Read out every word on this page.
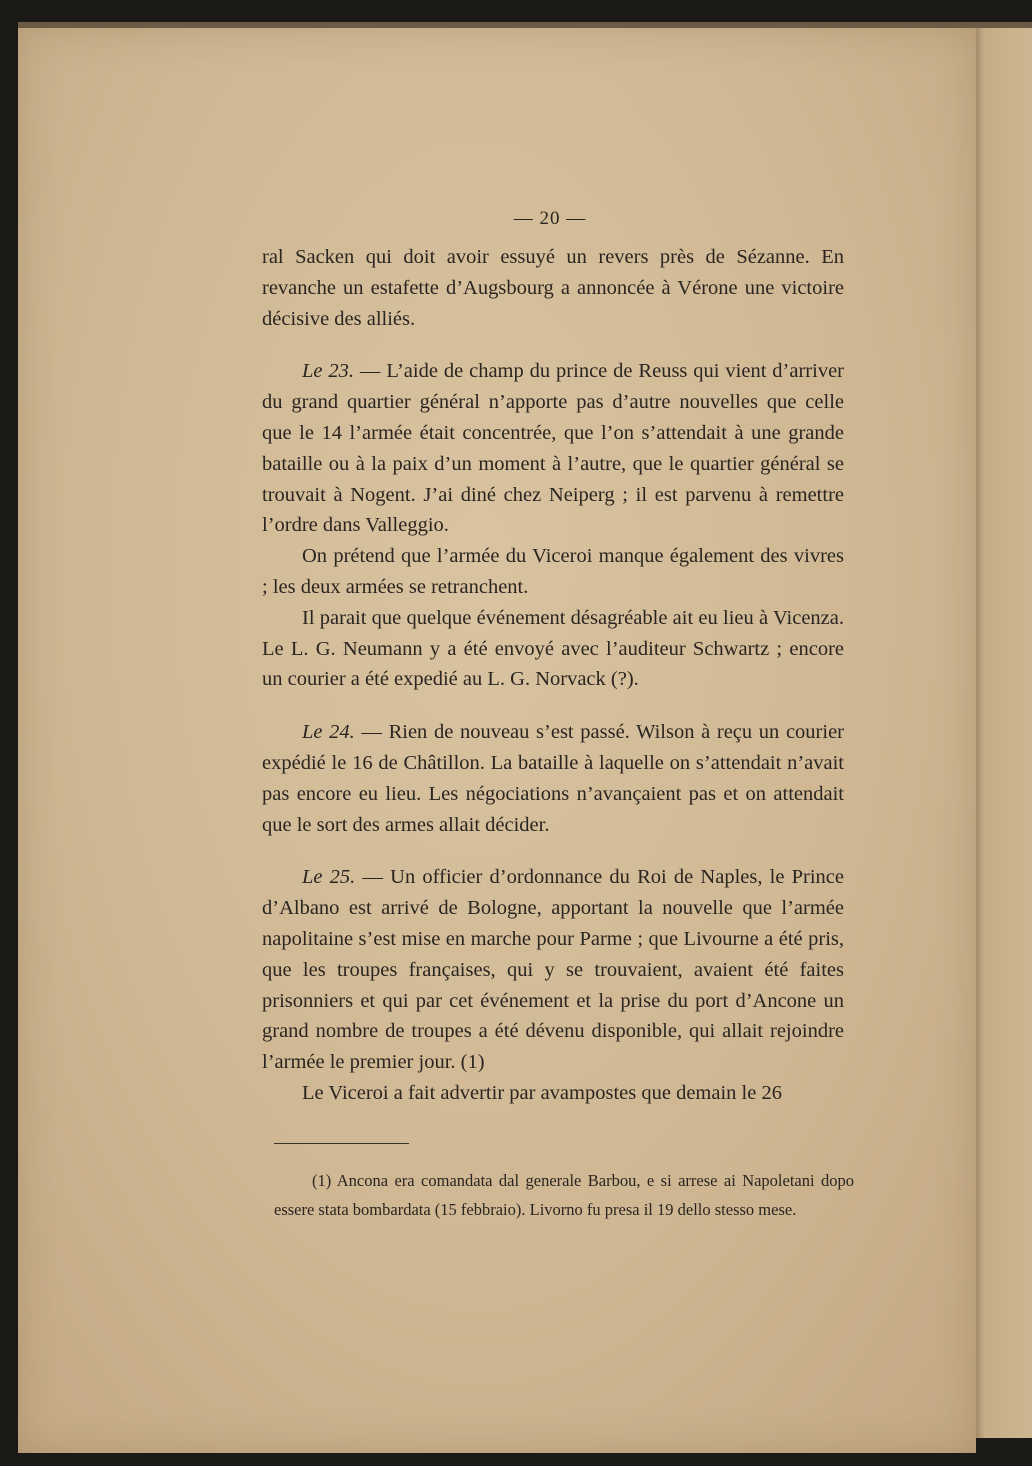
— 20 —

ral Sacken qui doit avoir essuyé un revers près de Sézanne. En revanche un estafette d’Augsbourg a annoncée à Vérone une victoire décisive des alliés.

Le 23. — L’aide de champ du prince de Reuss qui vient d’arriver du grand quartier général n’apporte pas d’autre nouvelles que celle que le 14 l’armée était concentrée, que l’on s’attendait à une grande bataille ou à la paix d’un moment à l’autre, que le quartier général se trouvait à Nogent. J’ai diné chez Neiperg ; il est parvenu à remettre l’ordre dans Valleggio.

On prétend que l’armée du Viceroi manque également des vivres ; les deux armées se retranchent.

Il parait que quelque événement désagréable ait eu lieu à Vicenza. Le L. G. Neumann y a été envoyé avec l’auditeur Schwartz ; encore un courier a été expedié au L. G. Norvack (?).

Le 24. — Rien de nouveau s’est passé. Wilson à reçu un courier expédié le 16 de Châtillon. La bataille à laquelle on s’attendait n’avait pas encore eu lieu. Les négociations n’avançaient pas et on attendait que le sort des armes allait décider.

Le 25. — Un officier d’ordonnance du Roi de Naples, le Prince d’Albano est arrivé de Bologne, apportant la nouvelle que l’armée napolitaine s’est mise en marche pour Parme ; que Livourne a été pris, que les troupes françaises, qui y se trouvaient, avaient été faites prisonniers et qui par cet événement et la prise du port d’Ancone un grand nombre de troupes a été dévenu disponible, qui allait rejoindre l’armée le premier jour. (1)

Le Viceroi a fait advertir par avampostes que demain le 26

(1) Ancona era comandata dal generale Barbou, e si arrese ai Napoletani dopo essere stata bombardata (15 febbraio). Livorno fu presa il 19 dello stesso mese.
